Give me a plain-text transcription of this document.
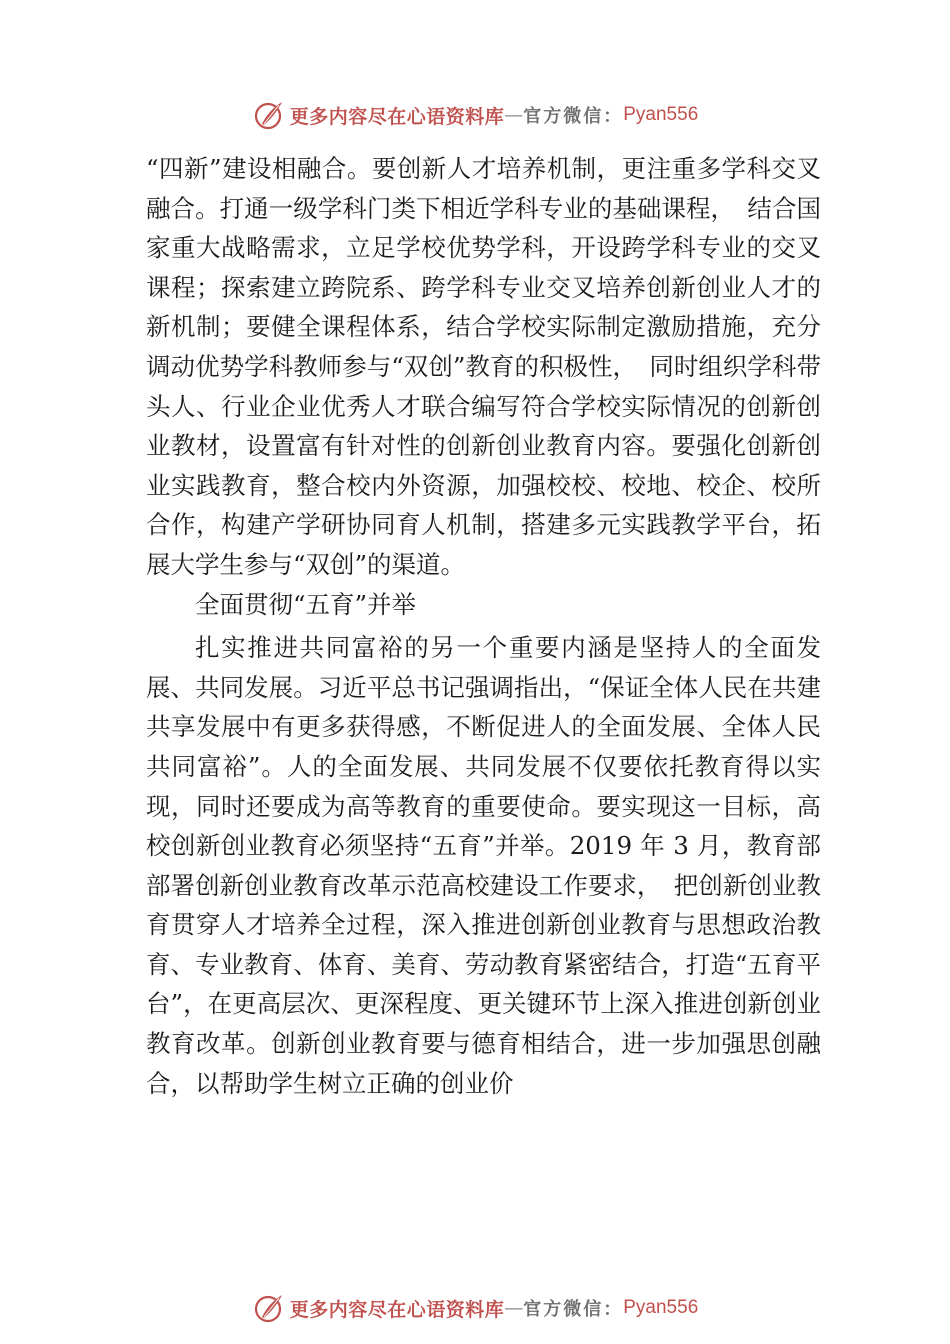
更多内容尽在心语资料库 — 官方微信： Pyan556

“四新”建设相融合。要创新人才培养机制，更注重多学科交叉融合。打通一级学科门类下相近学科专业的基础课程，　结合国家重大战略需求，立足学校优势学科，开设跨学科专业的交叉课程；探索建立跨院系、跨学科专业交叉培养创新创业人才的新机制；要健全课程体系，结合学校实际制定激励措施，充分调动优势学科教师参与“双创”教育的积极性，　同时组织学科带头人、行业企业优秀人才联合编写符合学校实际情况的创新创业教材，设置富有针对性的创新创业教育内容。要强化创新创业实践教育，整合校内外资源，加强校校、校地、校企、校所合作，构建产学研协同育人机制，搭建多元实践教学平台，拓展大学生参与“双创”的渠道。

全面贯彻“五育”并举

扎实推进共同富裕的另一个重要内涵是坚持人的全面发展、共同发展。习近平总书记强调指出，“保证全体人民在共建共享发展中有更多获得感，不断促进人的全面发展、全体人民共同富裕”。人的全面发展、共同发展不仅要依托教育得以实现，同时还要成为高等教育的重要使命。要实现这一目标，高校创新创业教育必须坚持“五育”并举。2019 年 3 月，教育部部署创新创业教育改革示范高校建设工作要求，　把创新创业教育贯穿人才培养全过程，深入推进创新创业教育与思想政治教育、专业教育、体育、美育、劳动教育紧密结合，打造“五育平台”，在更高层次、更深程度、更关键环节上深入推进创新创业教育改革。创新创业教育要与德育相结合，进一步加强思创融合，以帮助学生树立正确的创业价

更多内容尽在心语资料库 — 官方微信： Pyan556
